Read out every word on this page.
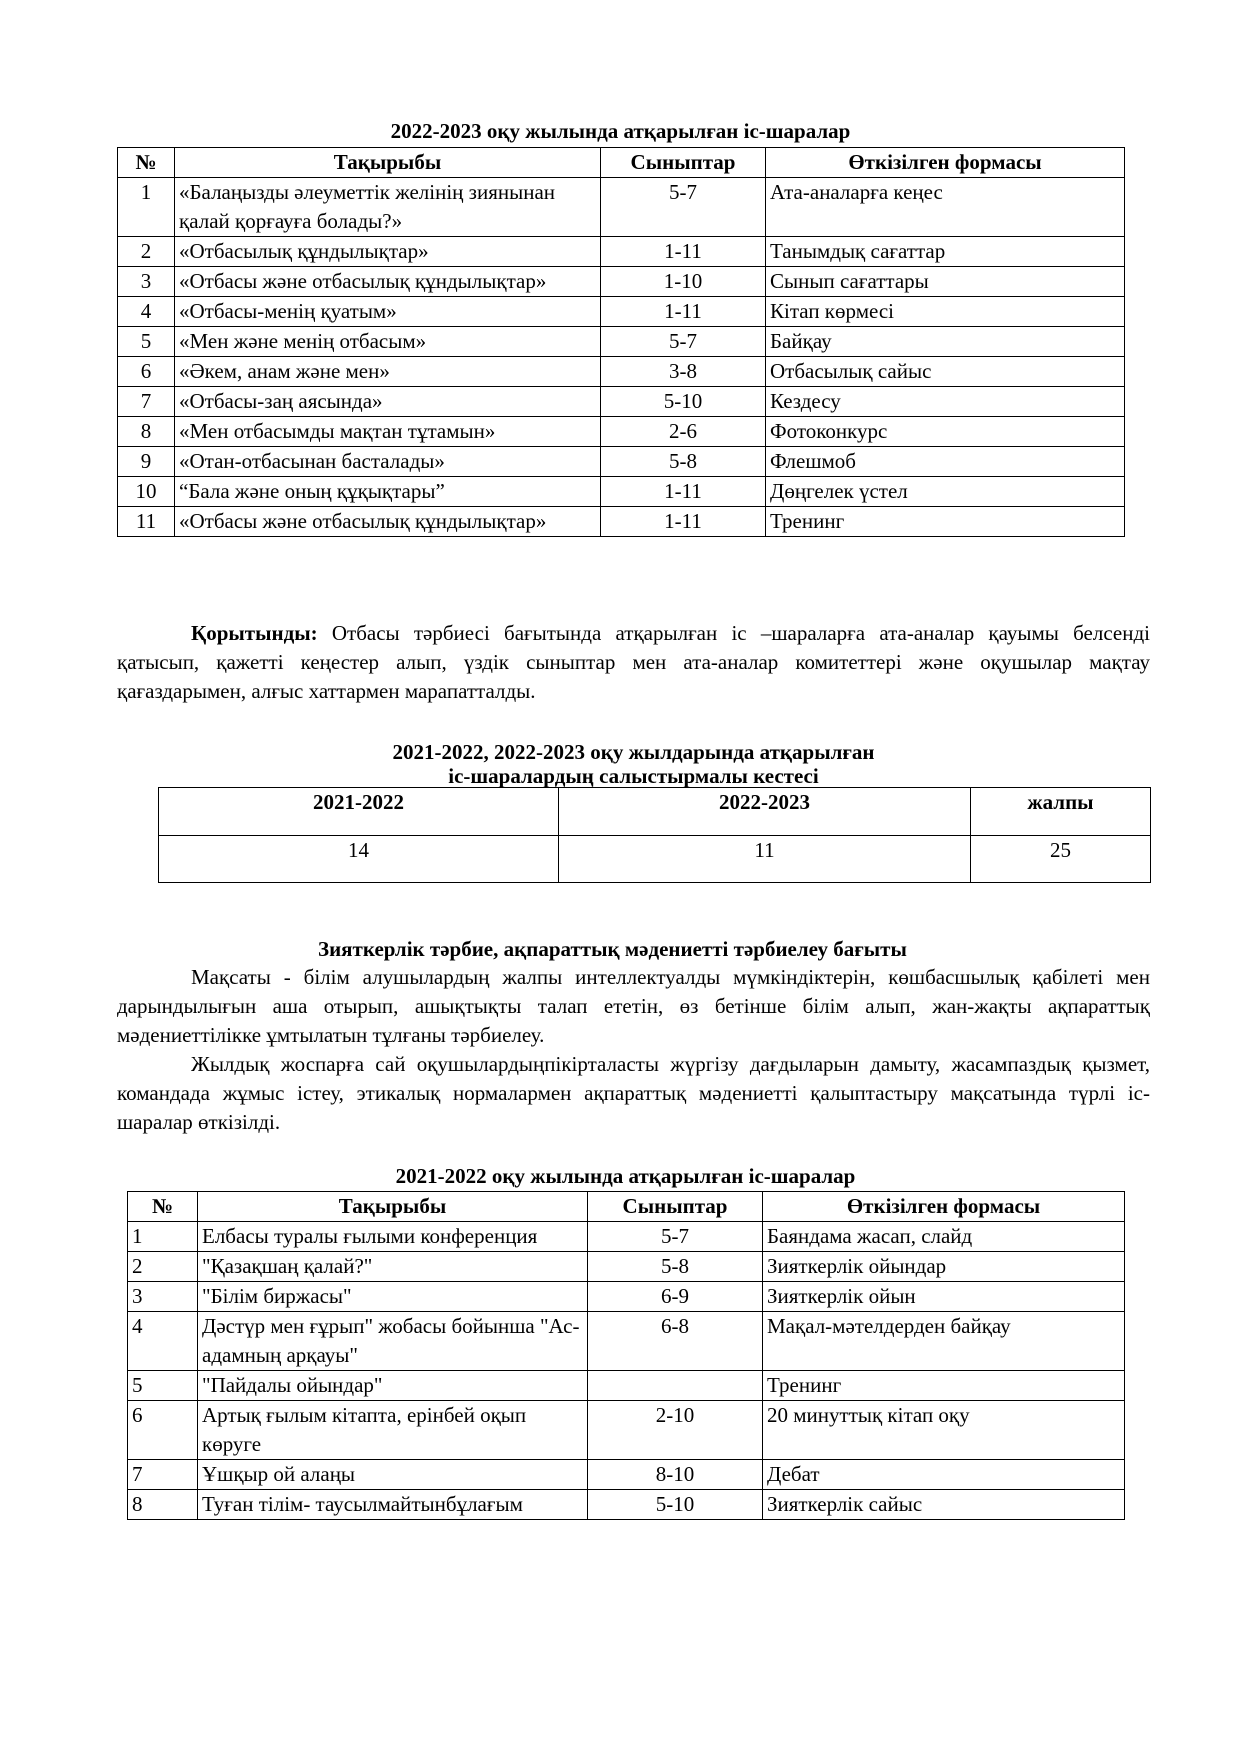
2022-2023 оқу жылында атқарылған іс-шаралар
№	Тақырыбы	Сыныптар	Өткізілген формасы
1	«Балаңызды әлеуметтік желінің зиянынан қалай қорғауға болады?»	5-7	Ата-аналарға кеңес
2	«Отбасылық құндылықтар»	1-11	Танымдық сағаттар
3	«Отбасы және отбасылық құндылықтар»	1-10	Сынып сағаттары
4	«Отбасы-менің қуатым»	1-11	Кітап көрмесі
5	«Мен және менің отбасым»	5-7	Байқау
6	«Әкем, анам және мен»	3-8	Отбасылық сайыс
7	«Отбасы-заң аясында»	5-10	Кездесу
8	«Мен отбасымды мақтан тұтамын»	2-6	Фотоконкурс
9	«Отан-отбасынан басталады»	5-8	Флешмоб
10	“Бала және оның құқықтары”	1-11	Дөңгелек үстел
11	«Отбасы және отбасылық құндылықтар»	1-11	Тренинг

Қорытынды: Отбасы тәрбиесі бағытында атқарылған іс –шараларға ата-аналар қауымы белсенді қатысып, қажетті кеңестер алып, үздік сыныптар мен ата-аналар комитеттері және оқушылар мақтау қағаздарымен, алғыс хаттармен марапатталды.

2021-2022, 2022-2023 оқу жылдарында атқарылған
іс-шаралардың салыстырмалы кестесі
2021-2022	2022-2023	жалпы
14	11	25
Зияткерлік тәрбие, ақпараттық мәдениетті тәрбиелеу бағыты

Мақсаты - білім алушылардың жалпы интеллектуалды мүмкіндіктерін, көшбасшылық қабілеті мен дарындылығын аша отырып, ашықтықты талап ететін, өз бетінше білім алып, жан-жақты ақпараттық мәдениеттілікке ұмтылатын тұлғаны тәрбиелеу.

Жылдық жоспарға сай оқушылардыңпікірталасты жүргізу дағдыларын дамыту, жасампаздық қызмет, командада жұмыс істеу, этикалық нормалармен ақпараттық мәдениетті қалыптастыру мақсатында түрлі іс-шаралар өткізілді.

2021-2022 оқу жылында атқарылған іс-шаралар
№	Тақырыбы	Сыныптар	Өткізілген формасы
1	Елбасы туралы ғылыми конференция	5-7	Баяндама жасап, слайд
2	"Қазақшаң қалай?"	5-8	Зияткерлік ойындар
3	"Білім биржасы"	6-9	Зияткерлік ойын
4	Дәстүр мен ғұрып" жобасы бойынша "Ас-адамның арқауы"	6-8	Мақал-мәтелдерден байқау
5	"Пайдалы ойындар"		Тренинг
6	Артық ғылым кітапта, ерінбей оқып көруге	2-10	20 минуттық кітап оқу
7	Ұшқыр ой алаңы	8-10	Дебат
8	Туған тілім- таусылмайтынбұлағым	5-10	Зияткерлік сайыс
